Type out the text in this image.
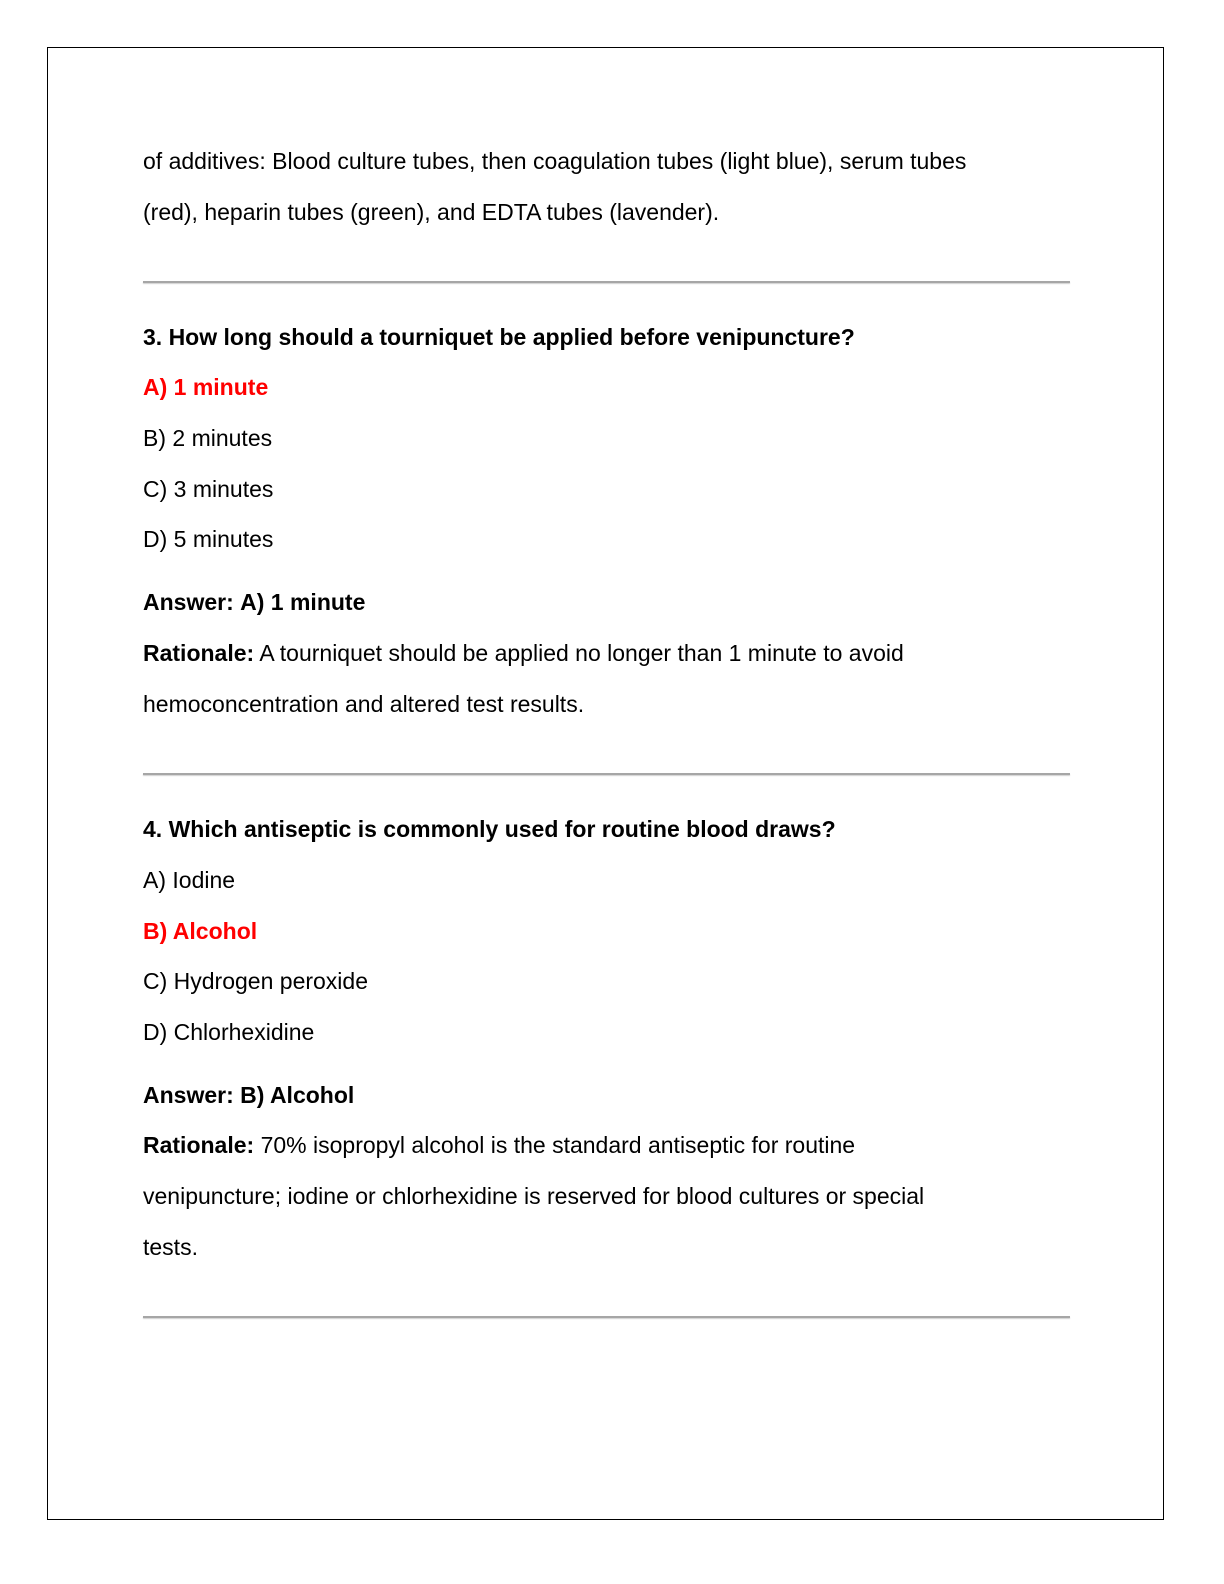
of additives: Blood culture tubes, then coagulation tubes (light blue), serum tubes
(red), heparin tubes (green), and EDTA tubes (lavender).
3. How long should a tourniquet be applied before venipuncture?
A) 1 minute
B) 2 minutes
C) 3 minutes
D) 5 minutes
Answer: A) 1 minute
Rationale: A tourniquet should be applied no longer than 1 minute to avoid
hemoconcentration and altered test results.
4. Which antiseptic is commonly used for routine blood draws?
A) Iodine
B) Alcohol
C) Hydrogen peroxide
D) Chlorhexidine
Answer: B) Alcohol
Rationale: 70% isopropyl alcohol is the standard antiseptic for routine
venipuncture; iodine or chlorhexidine is reserved for blood cultures or special
tests.
